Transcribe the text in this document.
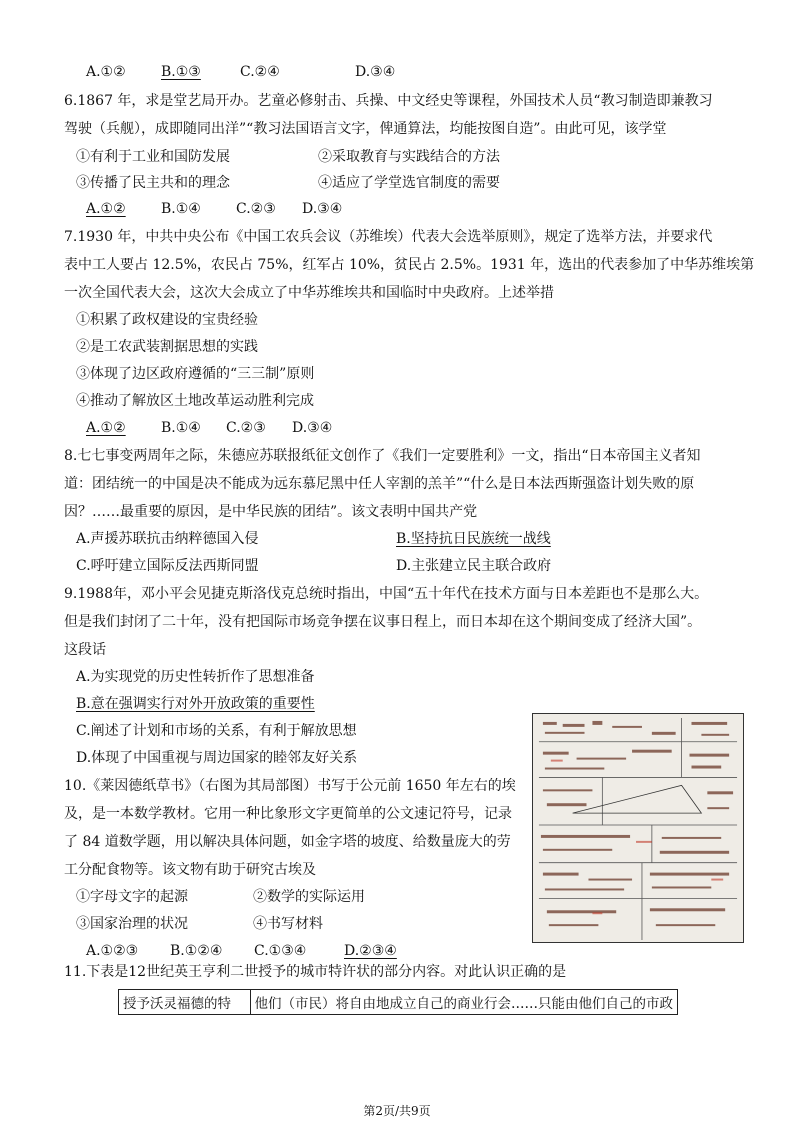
A.①②	B.①③	C.②④	D.③④
6.1867 年，求是堂艺局开办。艺童必修射击、兵操、中文经史等课程，外国技术人员“教习制造即兼教习
驾驶（兵舰），成即随同出洋”“教习法国语言文字，俾通算法，均能按图自造”。由此可见，该学堂
①有利于工业和国防发展	②采取教育与实践结合的方法
③传播了民主共和的理念	④适应了学堂选官制度的需要
A.①②	B.①④	C.②③ D.③④
7.1930 年，中共中央公布《中国工农兵会议（苏维埃）代表大会选举原则》，规定了选举方法，并要求代
表中工人要占 12.5%，农民占 75%，红军占 10%，贫民占 2.5%。1931 年，选出的代表参加了中华苏维埃第
一次全国代表大会，这次大会成立了中华苏维埃共和国临时中央政府。上述举措
①积累了政权建设的宝贵经验
②是工农武装割据思想的实践
③体现了边区政府遵循的“三三制”原则
④推动了解放区土地改革运动胜利完成
A.①②	B.①④ C.②③ D.③④
8.七七事变两周年之际，朱德应苏联报纸征文创作了《我们一定要胜利》一文，指出“日本帝国主义者知
道：团结统一的中国是决不能成为远东慕尼黑中任人宰割的羔羊”“什么是日本法西斯强盗计划失败的原
因？……最重要的原因，是中华民族的团结”。该文表明中国共产党
A.声援苏联抗击纳粹德国入侵	B.坚持抗日民族统一战线
C.呼吁建立国际反法西斯同盟	D.主张建立民主联合政府
9.1988年，邓小平会见捷克斯洛伐克总统时指出，中国“五十年代在技术方面与日本差距也不是那么大。
但是我们封闭了二十年，没有把国际市场竞争摆在议事日程上，而日本却在这个期间变成了经济大国”。
这段话
A.为实现党的历史性转折作了思想准备
B.意在强调实行对外开放政策的重要性
C.阐述了计划和市场的关系，有利于解放思想
D.体现了中国重视与周边国家的睦邻友好关系
10.《莱因德纸草书》（右图为其局部图）书写于公元前 1650 年左右的埃
及，是一本数学教材。它用一种比象形文字更简单的公文速记符号，记录
了 84 道数学题，用以解决具体问题，如金字塔的坡度、给数量庞大的劳
工分配食物等。该文物有助于研究古埃及
①字母文字的起源	②数学的实际运用
③国家治理的状况	④书写材料
A.①②③ B.①②④ C.①③④	D.②③④
11.下表是12世纪英王亨利二世授予的城市特许状的部分内容。对此认识正确的是
授予沃灵福德的特	他们（市民）将自由地成立自己的商业行会……只能由他们自己的市政
第2页/共9页
